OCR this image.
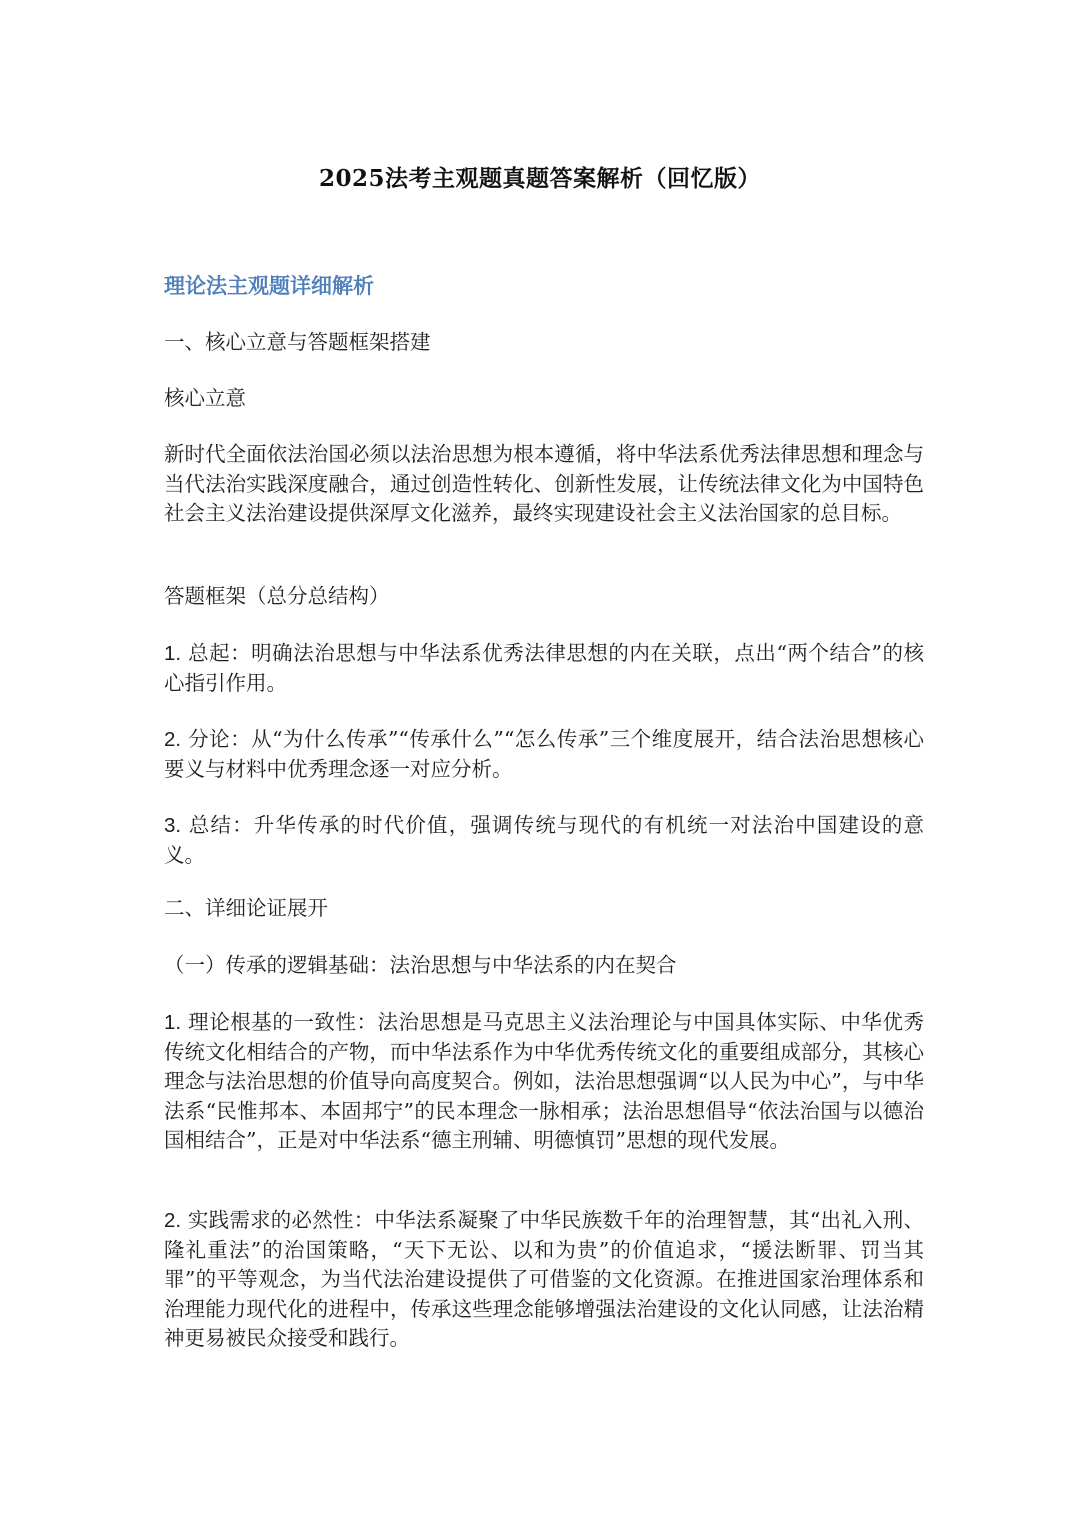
2025法考主观题真题答案解析（回忆版）
理论法主观题详细解析
一、核心立意与答题框架搭建
核心立意
新时代全面依法治国必须以法治思想为根本遵循，将中华法系优秀法律思想和理念与当代法治实践深度融合，通过创造性转化、创新性发展，让传统法律文化为中国特色社会主义法治建设提供深厚文化滋养，最终实现建设社会主义法治国家的总目标。
答题框架（总分总结构）
1. 总起：明确法治思想与中华法系优秀法律思想的内在关联，点出“两个结合”的核心指引作用。
2. 分论：从“为什么传承”“传承什么”“怎么传承”三个维度展开，结合法治思想核心要义与材料中优秀理念逐一对应分析。
3. 总结：升华传承的时代价值，强调传统与现代的有机统一对法治中国建设的意义。
二、详细论证展开
（一）传承的逻辑基础：法治思想与中华法系的内在契合
1. 理论根基的一致性：法治思想是马克思主义法治理论与中国具体实际、中华优秀传统文化相结合的产物，而中华法系作为中华优秀传统文化的重要组成部分，其核心理念与法治思想的价值导向高度契合。例如，法治思想强调“以人民为中心”，与中华法系“民惟邦本、本固邦宁”的民本理念一脉相承；法治思想倡导“依法治国与以德治国相结合”，正是对中华法系“德主刑辅、明德慎罚”思想的现代发展。
2. 实践需求的必然性：中华法系凝聚了中华民族数千年的治理智慧，其“出礼入刑、隆礼重法”的治国策略，“天下无讼、以和为贵”的价值追求，“援法断罪、罚当其罪”的平等观念，为当代法治建设提供了可借鉴的文化资源。在推进国家治理体系和治理能力现代化的进程中，传承这些理念能够增强法治建设的文化认同感，让法治精神更易被民众接受和践行。
